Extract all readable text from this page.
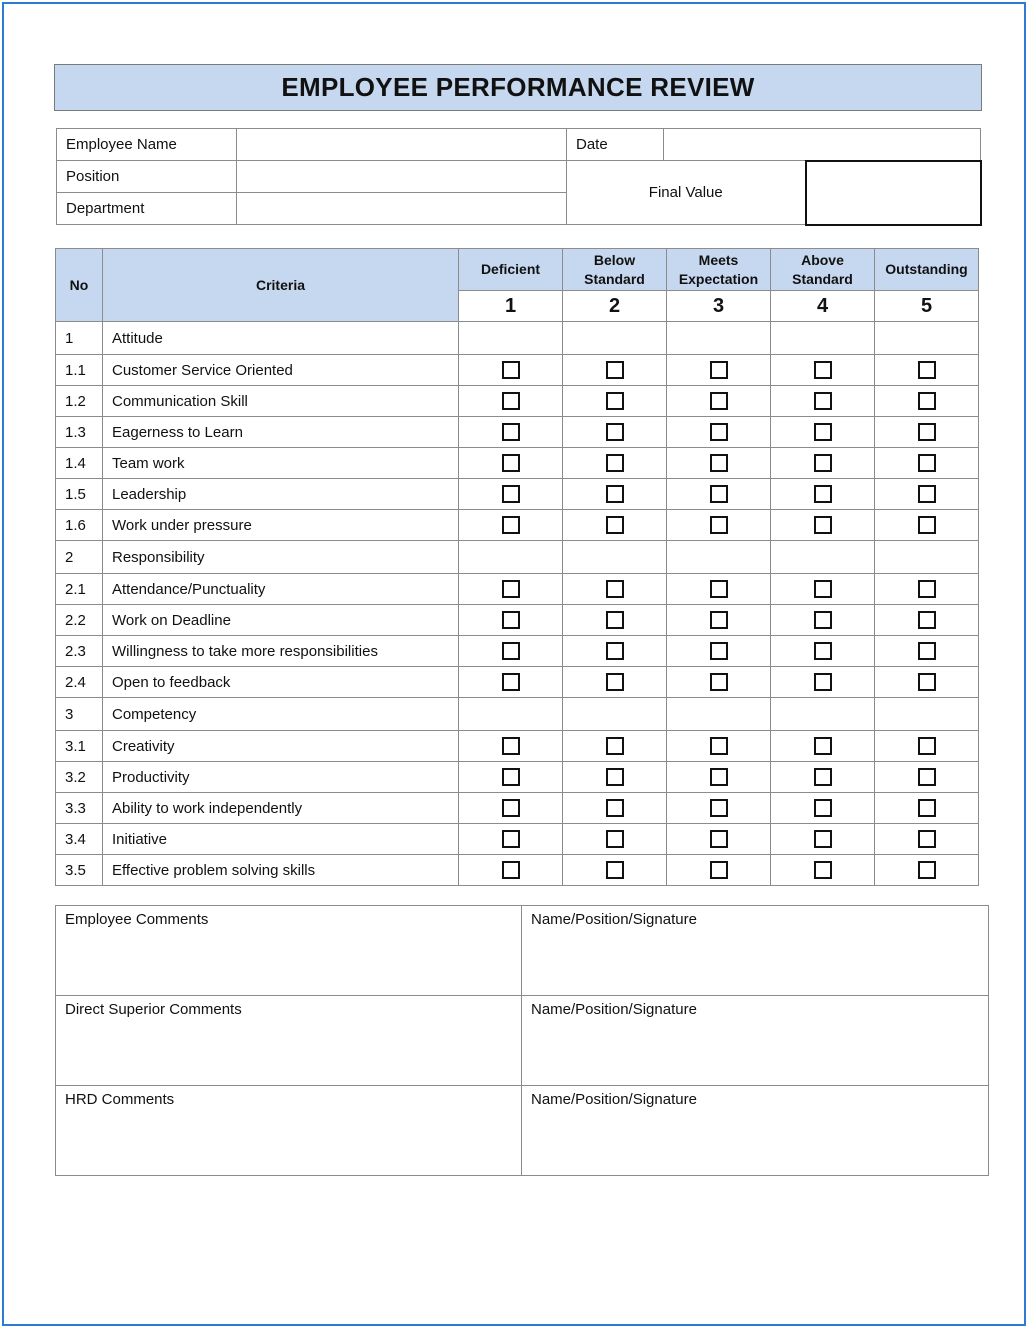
EMPLOYEE PERFORMANCE REVIEW
Employee Name		Date		
Position		Final Value		
Department				
No	Criteria	Deficient	Below Standard	Meets Expectation	Above Standard	Outstanding
		1	2	3	4	5
1	Attitude					
1.1	Customer Service Oriented					
1.2	Communication Skill					
1.3	Eagerness to Learn					
1.4	Team work					
1.5	Leadership					
1.6	Work under pressure					
2	Responsibility					
2.1	Attendance/Punctuality					
2.2	Work on Deadline					
2.3	Willingness to take more responsibilities					
2.4	Open to feedback					
3	Competency					
3.1	Creativity					
3.2	Productivity					
3.3	Ability to work independently					
3.4	Initiative					
3.5	Effective problem solving skills					
Employee Comments	Name/Position/Signature
Direct Superior Comments	Name/Position/Signature
HRD Comments	Name/Position/Signature
